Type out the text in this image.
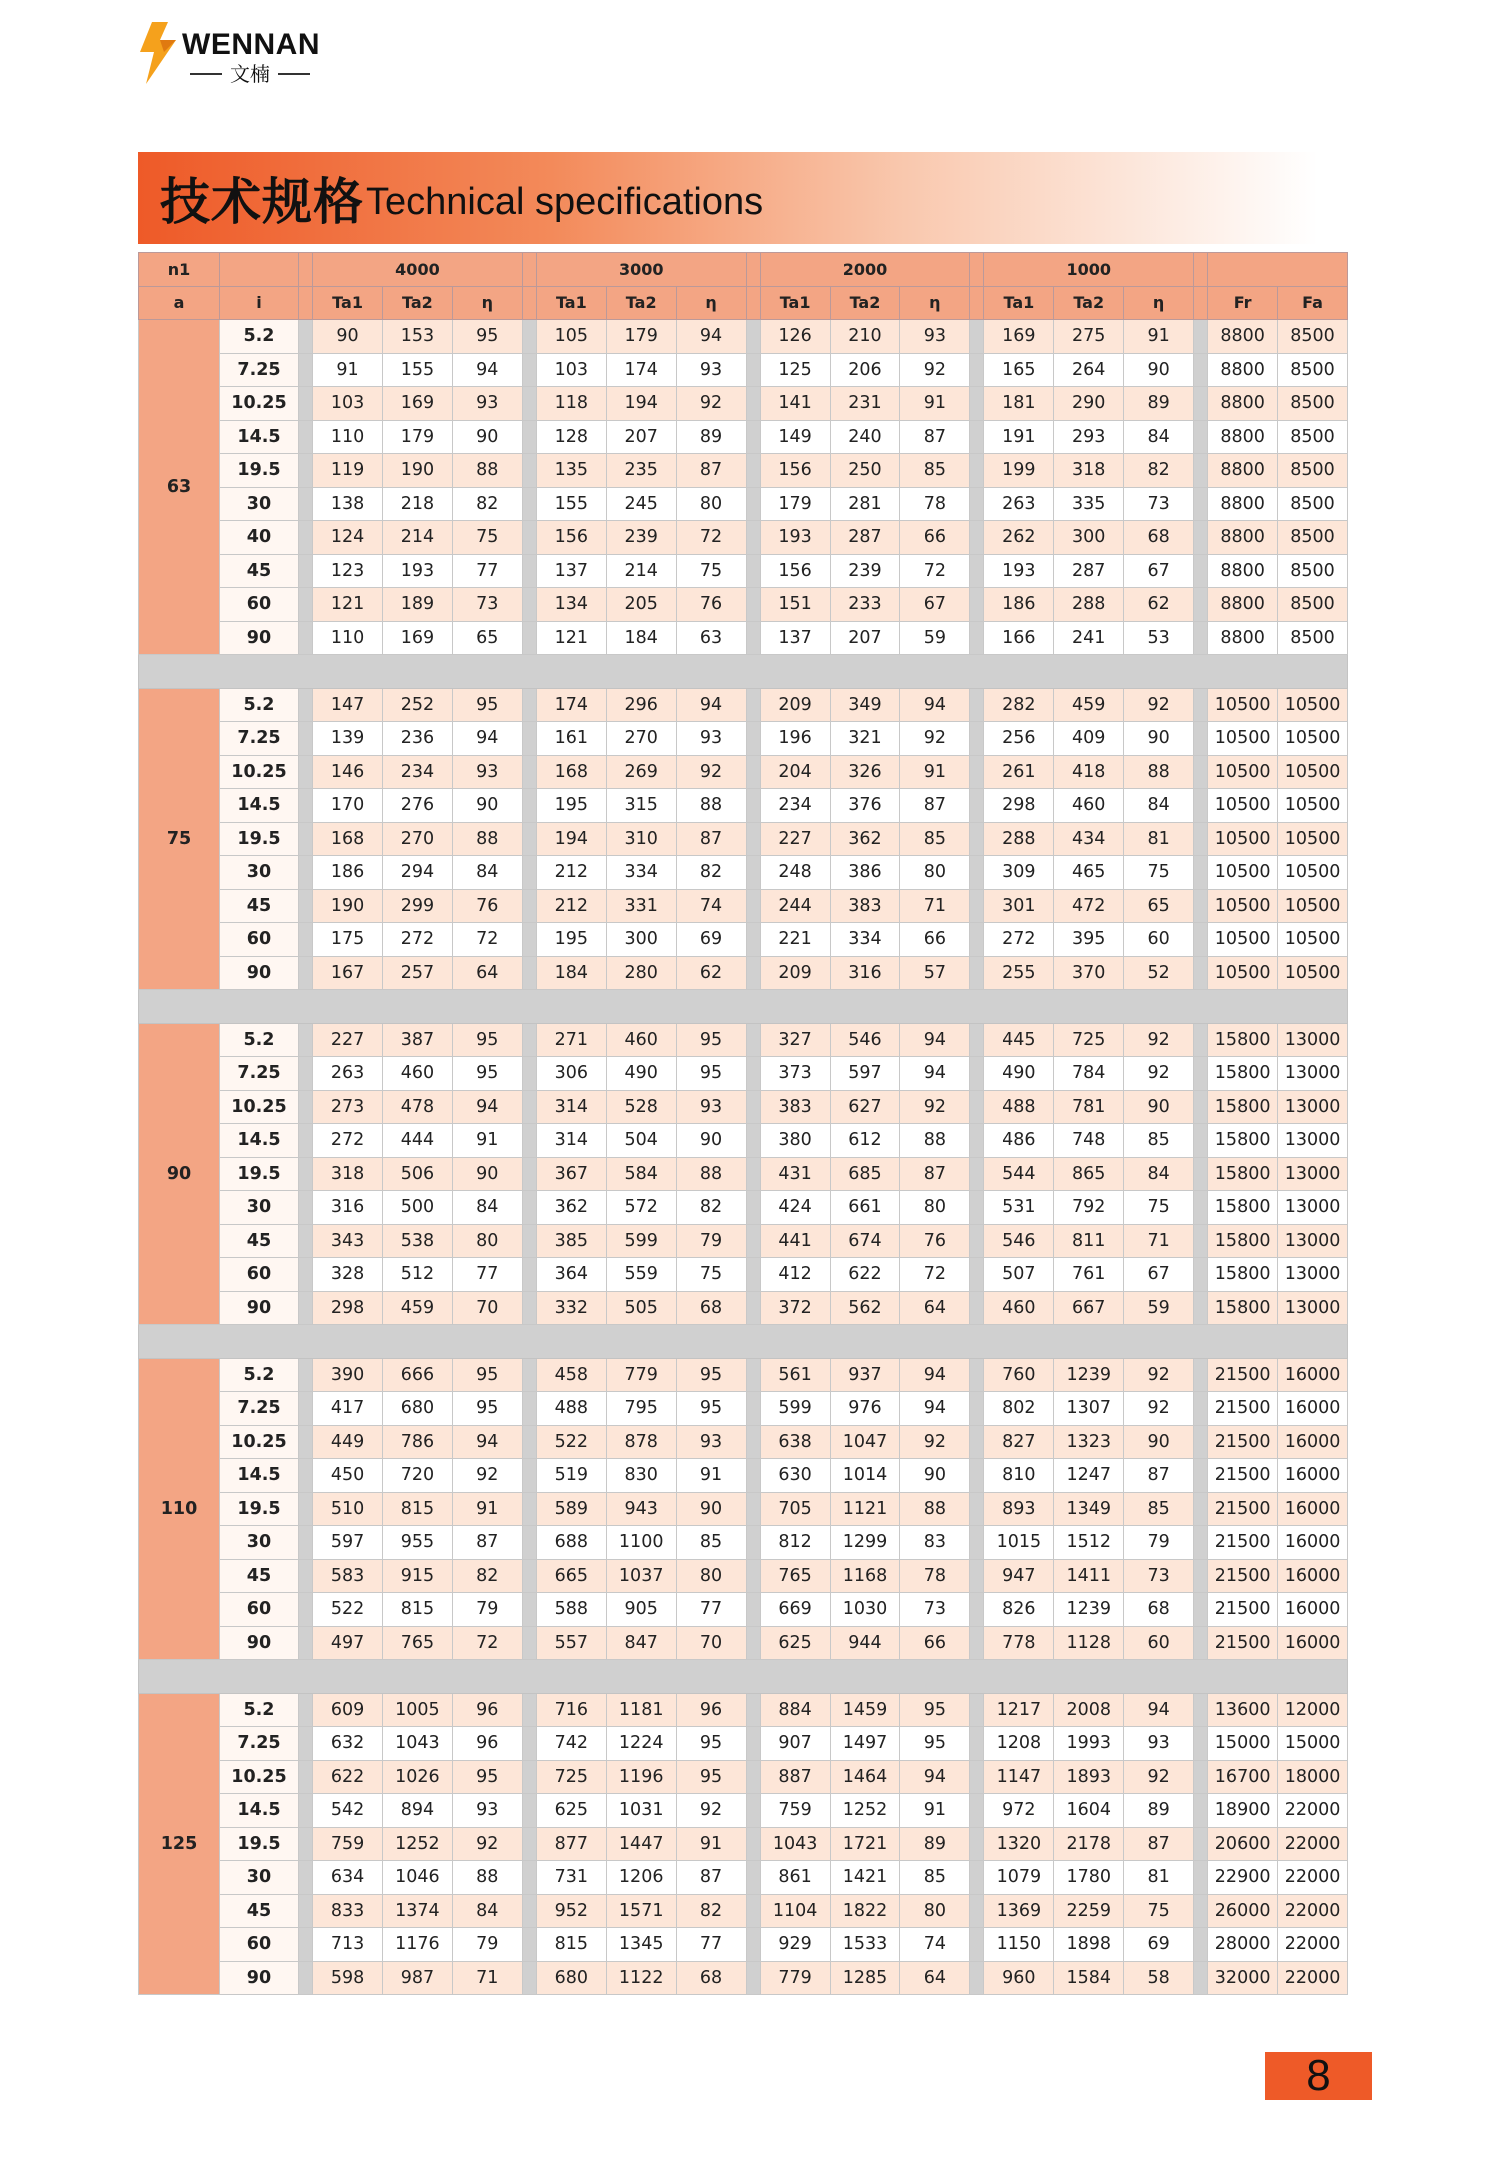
WENNAN
文楠
技术规格 Technical specifications
n1			4000				3000				2000				1000					
a	i		Ta1	Ta2	η		Ta1	Ta2	η		Ta1	Ta2	η		Ta1	Ta2	η		Fr	Fa
63	5.2		90	153	95		105	179	94		126	210	93		169	275	91		8800	8500
	7.25		91	155	94		103	174	93		125	206	92		165	264	90		8800	8500
	10.25		103	169	93		118	194	92		141	231	91		181	290	89		8800	8500
	14.5		110	179	90		128	207	89		149	240	87		191	293	84		8800	8500
	19.5		119	190	88		135	235	87		156	250	85		199	318	82		8800	8500
	30		138	218	82		155	245	80		179	281	78		263	335	73		8800	8500
	40		124	214	75		156	239	72		193	287	66		262	300	68		8800	8500
	45		123	193	77		137	214	75		156	239	72		193	287	67		8800	8500
	60		121	189	73		134	205	76		151	233	67		186	288	62		8800	8500
	90		110	169	65		121	184	63		137	207	59		166	241	53		8800	8500

75	5.2		147	252	95		174	296	94		209	349	94		282	459	92		10500	10500
	7.25		139	236	94		161	270	93		196	321	92		256	409	90		10500	10500
	10.25		146	234	93		168	269	92		204	326	91		261	418	88		10500	10500
	14.5		170	276	90		195	315	88		234	376	87		298	460	84		10500	10500
	19.5		168	270	88		194	310	87		227	362	85		288	434	81		10500	10500
	30		186	294	84		212	334	82		248	386	80		309	465	75		10500	10500
	45		190	299	76		212	331	74		244	383	71		301	472	65		10500	10500
	60		175	272	72		195	300	69		221	334	66		272	395	60		10500	10500
	90		167	257	64		184	280	62		209	316	57		255	370	52		10500	10500

90	5.2		227	387	95		271	460	95		327	546	94		445	725	92		15800	13000
	7.25		263	460	95		306	490	95		373	597	94		490	784	92		15800	13000
	10.25		273	478	94		314	528	93		383	627	92		488	781	90		15800	13000
	14.5		272	444	91		314	504	90		380	612	88		486	748	85		15800	13000
	19.5		318	506	90		367	584	88		431	685	87		544	865	84		15800	13000
	30		316	500	84		362	572	82		424	661	80		531	792	75		15800	13000
	45		343	538	80		385	599	79		441	674	76		546	811	71		15800	13000
	60		328	512	77		364	559	75		412	622	72		507	761	67		15800	13000
	90		298	459	70		332	505	68		372	562	64		460	667	59		15800	13000

110	5.2		390	666	95		458	779	95		561	937	94		760	1239	92		21500	16000
	7.25		417	680	95		488	795	95		599	976	94		802	1307	92		21500	16000
	10.25		449	786	94		522	878	93		638	1047	92		827	1323	90		21500	16000
	14.5		450	720	92		519	830	91		630	1014	90		810	1247	87		21500	16000
	19.5		510	815	91		589	943	90		705	1121	88		893	1349	85		21500	16000
	30		597	955	87		688	1100	85		812	1299	83		1015	1512	79		21500	16000
	45		583	915	82		665	1037	80		765	1168	78		947	1411	73		21500	16000
	60		522	815	79		588	905	77		669	1030	73		826	1239	68		21500	16000
	90		497	765	72		557	847	70		625	944	66		778	1128	60		21500	16000

125	5.2		609	1005	96		716	1181	96		884	1459	95		1217	2008	94		13600	12000
	7.25		632	1043	96		742	1224	95		907	1497	95		1208	1993	93		15000	15000
	10.25		622	1026	95		725	1196	95		887	1464	94		1147	1893	92		16700	18000
	14.5		542	894	93		625	1031	92		759	1252	91		972	1604	89		18900	22000
	19.5		759	1252	92		877	1447	91		1043	1721	89		1320	2178	87		20600	22000
	30		634	1046	88		731	1206	87		861	1421	85		1079	1780	81		22900	22000
	45		833	1374	84		952	1571	82		1104	1822	80		1369	2259	75		26000	22000
	60		713	1176	79		815	1345	77		929	1533	74		1150	1898	69		28000	22000
	90		598	987	71		680	1122	68		779	1285	64		960	1584	58		32000	22000
8
